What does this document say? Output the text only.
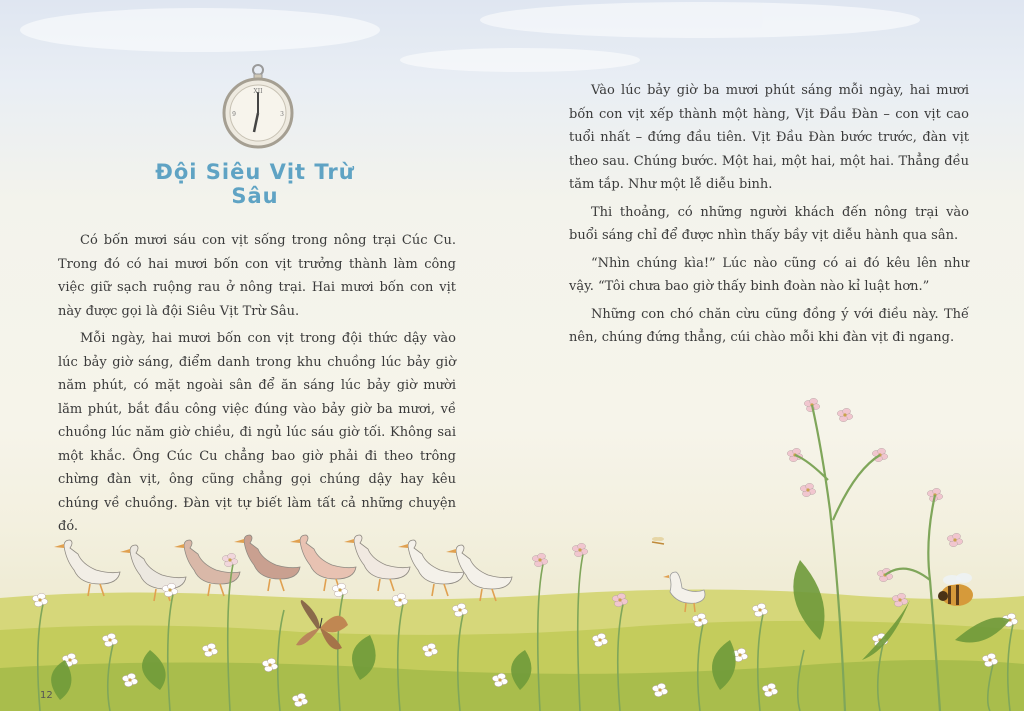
XII
9	3
Đội Siêu Vịt Trừ Sâu

Có bốn mươi sáu con vịt sống trong nông trại Cúc Cu. Trong đó có hai mươi bốn con vịt trưởng thành làm công việc giữ sạch ruộng rau ở nông trại. Hai mươi bốn con vịt này được gọi là đội Siêu Vịt Trừ Sâu.

Mỗi ngày, hai mươi bốn con vịt trong đội thức dậy vào lúc bảy giờ sáng, điểm danh trong khu chuồng lúc bảy giờ năm phút, có mặt ngoài sân để ăn sáng lúc bảy giờ mười lăm phút, bắt đầu công việc đúng vào bảy giờ ba mươi, về chuồng lúc năm giờ chiều, đi ngủ lúc sáu giờ tối. Không sai một khắc. Ông Cúc Cu chẳng bao giờ phải đi theo trông chừng đàn vịt, ông cũng chẳng gọi chúng dậy hay kêu chúng về chuồng. Đàn vịt tự biết làm tất cả những chuyện đó.

Vào lúc bảy giờ ba mươi phút sáng mỗi ngày, hai mươi bốn con vịt xếp thành một hàng, Vịt Đầu Đàn – con vịt cao tuổi nhất – đứng đầu tiên. Vịt Đầu Đàn bước trước, đàn vịt theo sau. Chúng bước. Một hai, một hai, một hai. Thẳng đều tăm tắp. Như một lễ diễu binh.

Thi thoảng, có những người khách đến nông trại vào buổi sáng chỉ để được nhìn thấy bầy vịt diễu hành qua sân.

“Nhìn chúng kìa!” Lúc nào cũng có ai đó kêu lên như vậy. “Tôi chưa bao giờ thấy binh đoàn nào kỉ luật hơn.”

Những con chó chăn cừu cũng đồng ý với điều này. Thế nên, chúng đứng thẳng, cúi chào mỗi khi đàn vịt đi ngang.

12
